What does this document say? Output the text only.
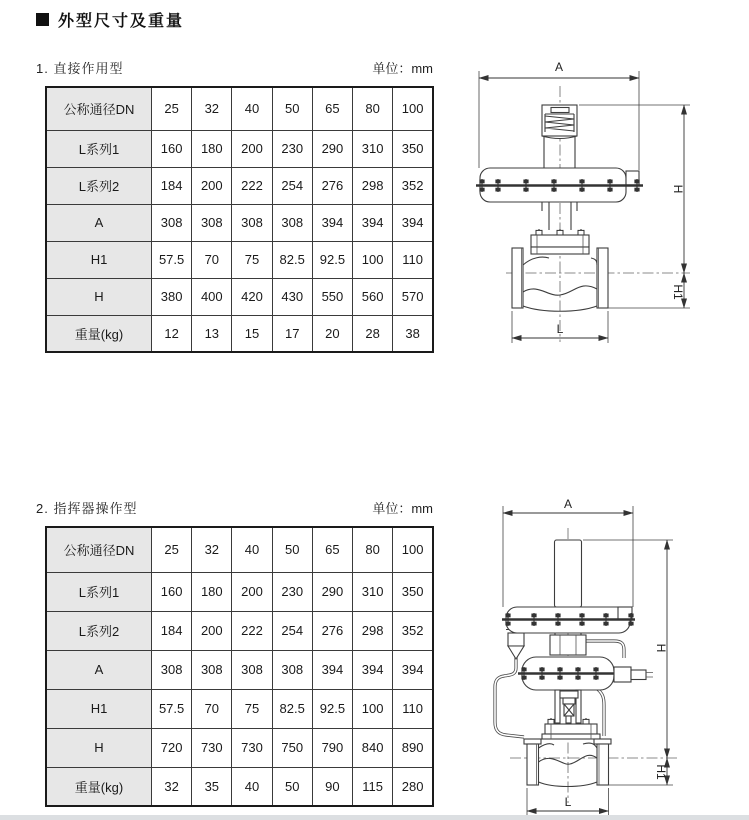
外型尺寸及重量
1. 直接作用型	单位：mm
公称通径DN	25	32	40	50	65	80	100
L系列1	160	180	200	230	290	310	350
L系列2	184	200	222	254	276	298	352
A	308	308	308	308	394	394	394
H1	57.5	70	75	82.5	92.5	100	110
H	380	400	420	430	550	560	570
重量(kg)	12	13	15	17	20	28	38
A
H
H1
L
2. 指挥器操作型	单位：mm
公称通径DN	25	32	40	50	65	80	100
L系列1	160	180	200	230	290	310	350
L系列2	184	200	222	254	276	298	352
A	308	308	308	308	394	394	394
H1	57.5	70	75	82.5	92.5	100	110
H	720	730	730	750	790	840	890
重量(kg)	32	35	40	50	90	115	280
A
H
H1
L
